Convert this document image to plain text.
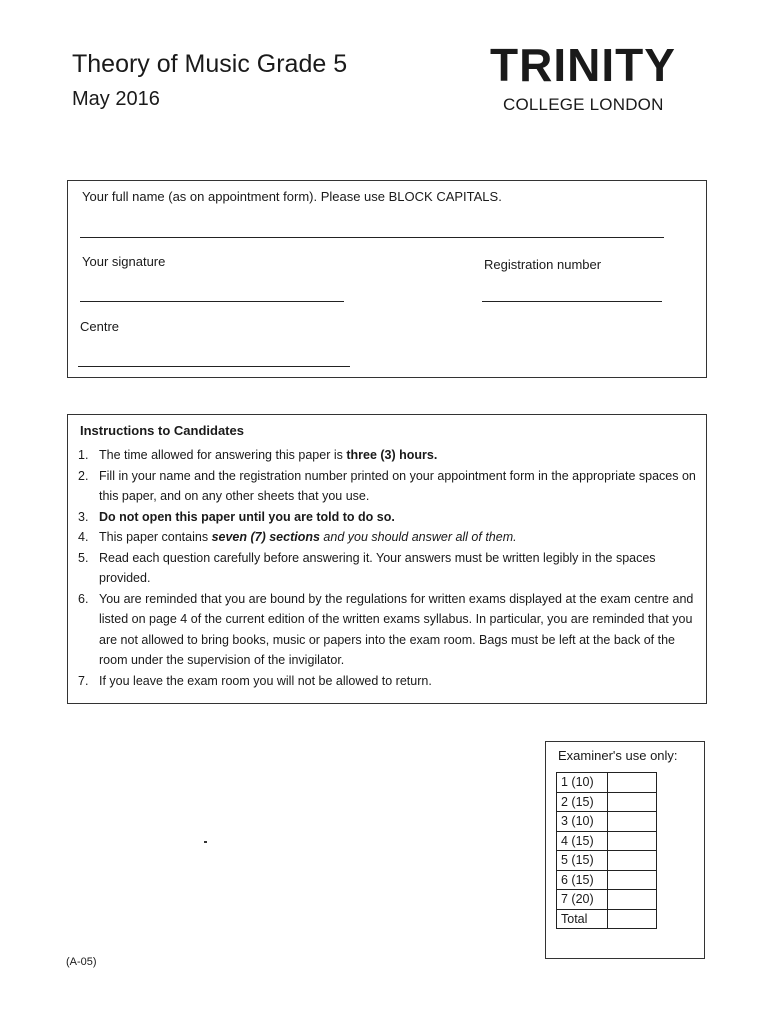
Theory of Music Grade 5
May 2016
TRINITY
COLLEGE LONDON
Your full name (as on appointment form). Please use BLOCK CAPITALS.
Your signature	Registration number
Centre
Instructions to Candidates
1. The time allowed for answering this paper is three (3) hours.
2. Fill in your name and the registration number printed on your appointment form in the appropriate spaces on this paper, and on any other sheets that you use.
3. Do not open this paper until you are told to do so.
4. This paper contains seven (7) sections and you should answer all of them.
5. Read each question carefully before answering it. Your answers must be written legibly in the spaces provided.
6. You are reminded that you are bound by the regulations for written exams displayed at the exam centre and listed on page 4 of the current edition of the written exams syllabus. In particular, you are reminded that you are not allowed to bring books, music or papers into the exam room. Bags must be left at the back of the room under the supervision of the invigilator.
7. If you leave the exam room you will not be allowed to return.
Examiner's use only:
1 (10)	
2 (15)	
3 (10)	
4 (15)	
5 (15)	
6 (15)	
7 (20)	
Total	
(A-05)
